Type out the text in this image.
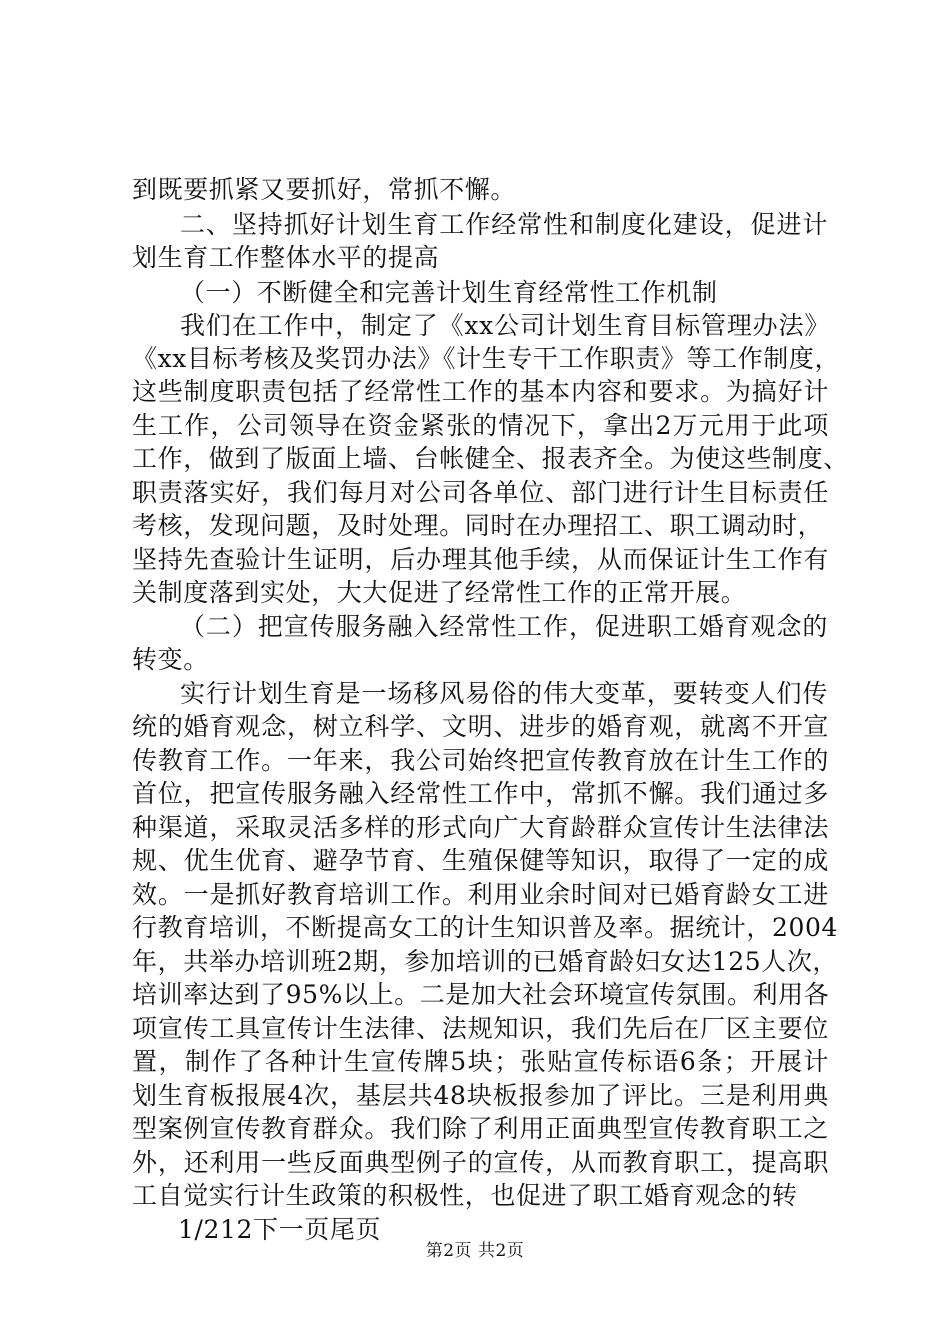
到既要抓紧又要抓好，常抓不懈。
二、坚持抓好计划生育工作经常性和制度化建设，促进计
划生育工作整体水平的提高
（一）不断健全和完善计划生育经常性工作机制
我们在工作中，制定了《xx公司计划生育目标管理办法》
《xx目标考核及奖罚办法》《计生专干工作职责》等工作制度，
这些制度职责包括了经常性工作的基本内容和要求。为搞好计
生工作，公司领导在资金紧张的情况下，拿出2万元用于此项
工作，做到了版面上墙、台帐健全、报表齐全。为使这些制度、
职责落实好，我们每月对公司各单位、部门进行计生目标责任
考核，发现问题，及时处理。同时在办理招工、职工调动时，
坚持先查验计生证明，后办理其他手续，从而保证计生工作有
关制度落到实处，大大促进了经常性工作的正常开展。
（二）把宣传服务融入经常性工作，促进职工婚育观念的
转变。
实行计划生育是一场移风易俗的伟大变革，要转变人们传
统的婚育观念，树立科学、文明、进步的婚育观，就离不开宣
传教育工作。一年来，我公司始终把宣传教育放在计生工作的
首位，把宣传服务融入经常性工作中，常抓不懈。我们通过多
种渠道，采取灵活多样的形式向广大育龄群众宣传计生法律法
规、优生优育、避孕节育、生殖保健等知识，取得了一定的成
效。一是抓好教育培训工作。利用业余时间对已婚育龄女工进
行教育培训，不断提高女工的计生知识普及率。据统计，2004
年，共举办培训班2期，参加培训的已婚育龄妇女达125人次，
培训率达到了95%以上。二是加大社会环境宣传氛围。利用各
项宣传工具宣传计生法律、法规知识，我们先后在厂区主要位
置，制作了各种计生宣传牌5块；张贴宣传标语6条；开展计
划生育板报展4次，基层共48块板报参加了评比。三是利用典
型案例宣传教育群众。我们除了利用正面典型宣传教育职工之
外，还利用一些反面典型例子的宣传，从而教育职工，提高职
工自觉实行计生政策的积极性，也促进了职工婚育观念的转
1/212下一页尾页
第2页 共2页
